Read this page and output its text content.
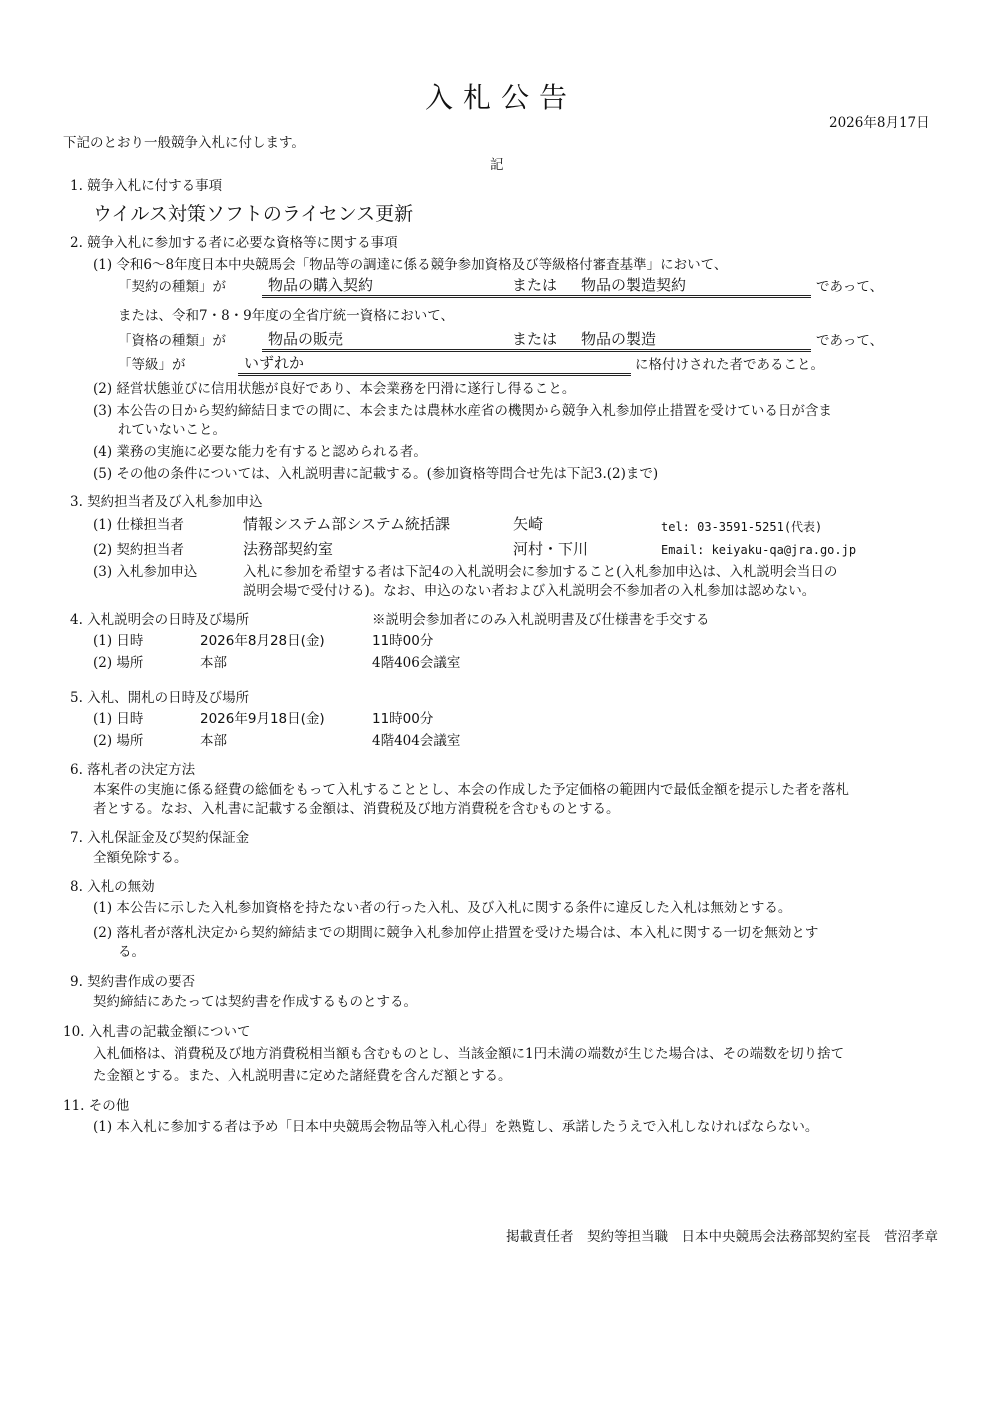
入札公告
2026年8月17日
下記のとおり一般競争入札に付します。
記
1. 競争入札に付する事項
ウイルス対策ソフトのライセンス更新
2. 競争入札に参加する者に必要な資格等に関する事項
(1) 令和6～8年度日本中央競馬会「物品等の調達に係る競争参加資格及び等級格付審査基準」において、
「契約の種類」が	物品の購入契約	または 物品の製造契約	であって、
または、令和7・8・9年度の全省庁統一資格において、
「資格の種類」が	物品の販売	または 物品の製造	であって、
「等級」が	いずれか	に格付けされた者であること。
(2) 経営状態並びに信用状態が良好であり、本会業務を円滑に遂行し得ること。
(3) 本公告の日から契約締結日までの間に、本会または農林水産省の機関から競争入札参加停止措置を受けている日が含ま
れていないこと。
(4) 業務の実施に必要な能力を有すると認められる者。
(5) その他の条件については、入札説明書に記載する。(参加資格等問合せ先は下記3.(2)まで)
3. 契約担当者及び入札参加申込
(1) 仕様担当者	情報システム部システム統括課	矢崎	tel: 03-3591-5251(代表)
(2) 契約担当者	法務部契約室	河村・下川	Email: keiyaku-qa@jra.go.jp
(3) 入札参加申込	入札に参加を希望する者は下記4の入札説明会に参加すること(入札参加申込は、入札説明会当日の
説明会場で受付ける)。なお、申込のない者および入札説明会不参加者の入札参加は認めない。
4. 入札説明会の日時及び場所	※説明会参加者にのみ入札説明書及び仕様書を手交する
(1) 日時	2026年8月28日(金)	11時00分
(2) 場所	本部	4階406会議室
5. 入札、開札の日時及び場所
(1) 日時	2026年9月18日(金)	11時00分
(2) 場所	本部	4階404会議室
6. 落札者の決定方法
本案件の実施に係る経費の総価をもって入札することとし、本会の作成した予定価格の範囲内で最低金額を提示した者を落札
者とする。なお、入札書に記載する金額は、消費税及び地方消費税を含むものとする。
7. 入札保証金及び契約保証金
全額免除する。
8. 入札の無効
(1) 本公告に示した入札参加資格を持たない者の行った入札、及び入札に関する条件に違反した入札は無効とする。
(2) 落札者が落札決定から契約締結までの期間に競争入札参加停止措置を受けた場合は、本入札に関する一切を無効とす
る。
9. 契約書作成の要否
契約締結にあたっては契約書を作成するものとする。
10. 入札書の記載金額について
入札価格は、消費税及び地方消費税相当額も含むものとし、当該金額に1円未満の端数が生じた場合は、その端数を切り捨て
た金額とする。また、入札説明書に定めた諸経費を含んだ額とする。
11. その他
(1) 本入札に参加する者は予め「日本中央競馬会物品等入札心得」を熟覧し、承諾したうえで入札しなければならない。
掲載責任者　契約等担当職　日本中央競馬会法務部契約室長　菅沼孝章
